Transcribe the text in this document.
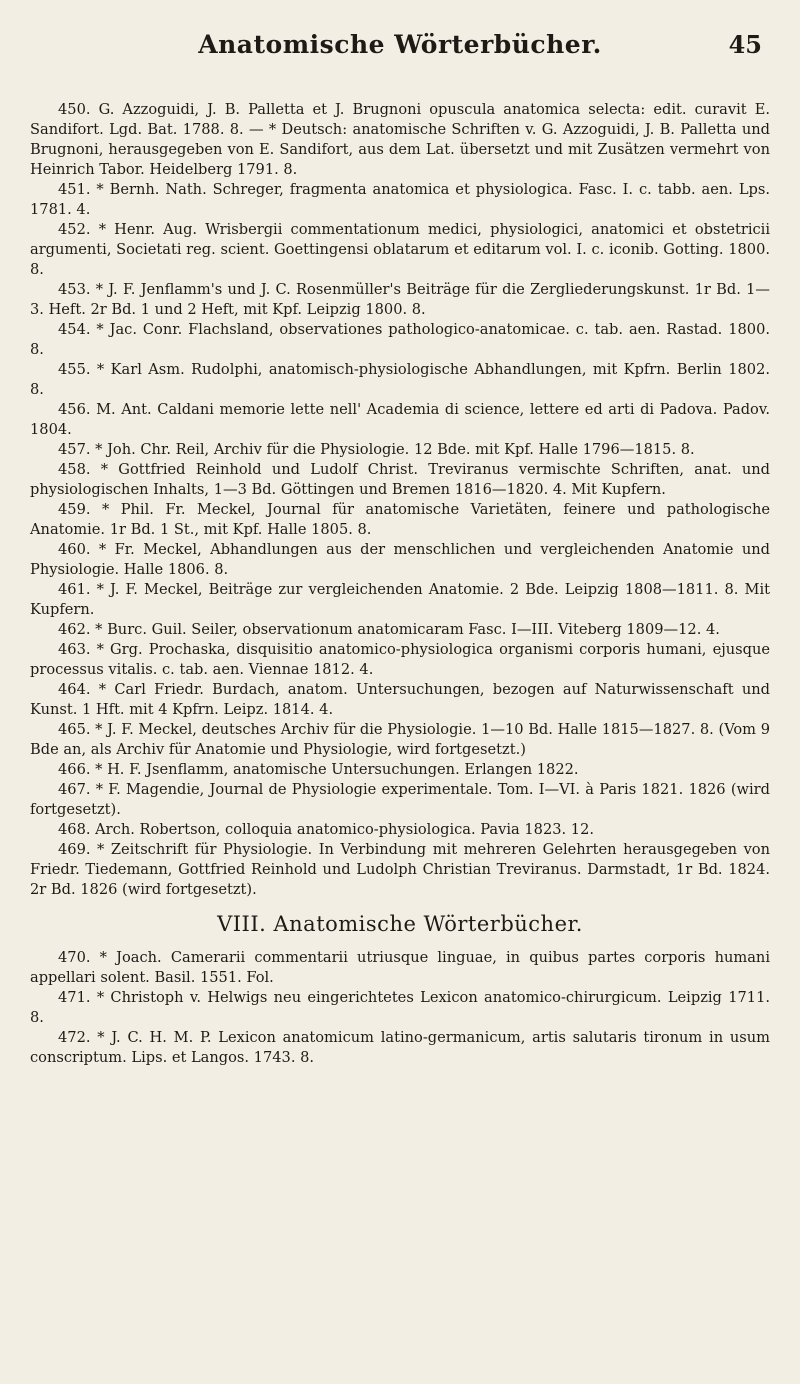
Anatomische Wörterbücher.	45

450. G. Azzoguidi, J. B. Palletta et J. Brugnoni opuscula anatomica selecta: edit. curavit E. Sandifort. Lgd. Bat. 1788. 8. — * Deutsch: anatomische Schriften v. G. Azzoguidi, J. B. Palletta und Brugnoni, herausgegeben von E. Sandifort, aus dem Lat. übersetzt und mit Zusätzen vermehrt von Heinrich Tabor. Heidelberg 1791. 8.

451. * Bernh. Nath. Schreger, fragmenta anatomica et physiologica. Fasc. I. c. tabb. aen. Lps. 1781. 4.

452. * Henr. Aug. Wrisbergii commentationum medici, physiologici, anatomici et obstetricii argumenti, Societati reg. scient. Goettingensi oblatarum et editarum vol. I. c. iconib. Gotting. 1800. 8.

453. * J. F. Jenflamm's und J. C. Rosenmüller's Beiträge für die Zergliederungskunst. 1r Bd. 1—3. Heft. 2r Bd. 1 und 2 Heft, mit Kpf. Leipzig 1800. 8.

454. * Jac. Conr. Flachsland, observationes pathologico-anatomicae. c. tab. aen. Rastad. 1800. 8.

455. * Karl Asm. Rudolphi, anatomisch-physiologische Abhandlungen, mit Kpfrn. Berlin 1802. 8.

456. M. Ant. Caldani memorie lette nell' Academia di science, lettere ed arti di Padova. Padov. 1804.

457. * Joh. Chr. Reil, Archiv für die Physiologie. 12 Bde. mit Kpf. Halle 1796—1815. 8.

458. * Gottfried Reinhold und Ludolf Christ. Treviranus vermischte Schriften, anat. und physiologischen Inhalts, 1—3 Bd. Göttingen und Bremen 1816—1820. 4. Mit Kupfern.

459. * Phil. Fr. Meckel, Journal für anatomische Varietäten, feinere und pathologische Anatomie. 1r Bd. 1 St., mit Kpf. Halle 1805. 8.

460. * Fr. Meckel, Abhandlungen aus der menschlichen und vergleichenden Anatomie und Physiologie. Halle 1806. 8.

461. * J. F. Meckel, Beiträge zur vergleichenden Anatomie. 2 Bde. Leipzig 1808—1811. 8. Mit Kupfern.

462. * Burc. Guil. Seiler, observationum anatomicaram Fasc. I—III. Viteberg 1809—12. 4.

463. * Grg. Prochaska, disquisitio anatomico-physiologica organismi corporis humani, ejusque processus vitalis. c. tab. aen. Viennae 1812. 4.

464. * Carl Friedr. Burdach, anatom. Untersuchungen, bezogen auf Naturwissenschaft und Kunst. 1 Hft. mit 4 Kpfrn. Leipz. 1814. 4.

465. * J. F. Meckel, deutsches Archiv für die Physiologie. 1—10 Bd. Halle 1815—1827. 8. (Vom 9 Bde an, als Archiv für Anatomie und Physiologie, wird fortgesetzt.)

466. * H. F. Jsenflamm, anatomische Untersuchungen. Erlangen 1822.

467. * F. Magendie, Journal de Physiologie experimentale. Tom. I—VI. à Paris 1821. 1826 (wird fortgesetzt).

468. Arch. Robertson, colloquia anatomico-physiologica. Pavia 1823. 12.

469. * Zeitschrift für Physiologie. In Verbindung mit mehreren Gelehrten herausgegeben von Friedr. Tiedemann, Gottfried Reinhold und Ludolph Christian Treviranus. Darmstadt, 1r Bd. 1824. 2r Bd. 1826 (wird fortgesetzt).

VIII. Anatomische Wörterbücher.

470. * Joach. Camerarii commentarii utriusque linguae, in quibus partes corporis humani appellari solent. Basil. 1551. Fol.

471. * Christoph v. Helwigs neu eingerichtetes Lexicon anatomico-chirurgicum. Leipzig 1711. 8.

472. * J. C. H. M. P. Lexicon anatomicum latino-germanicum, artis salutaris tironum in usum conscriptum. Lips. et Langos. 1743. 8.
